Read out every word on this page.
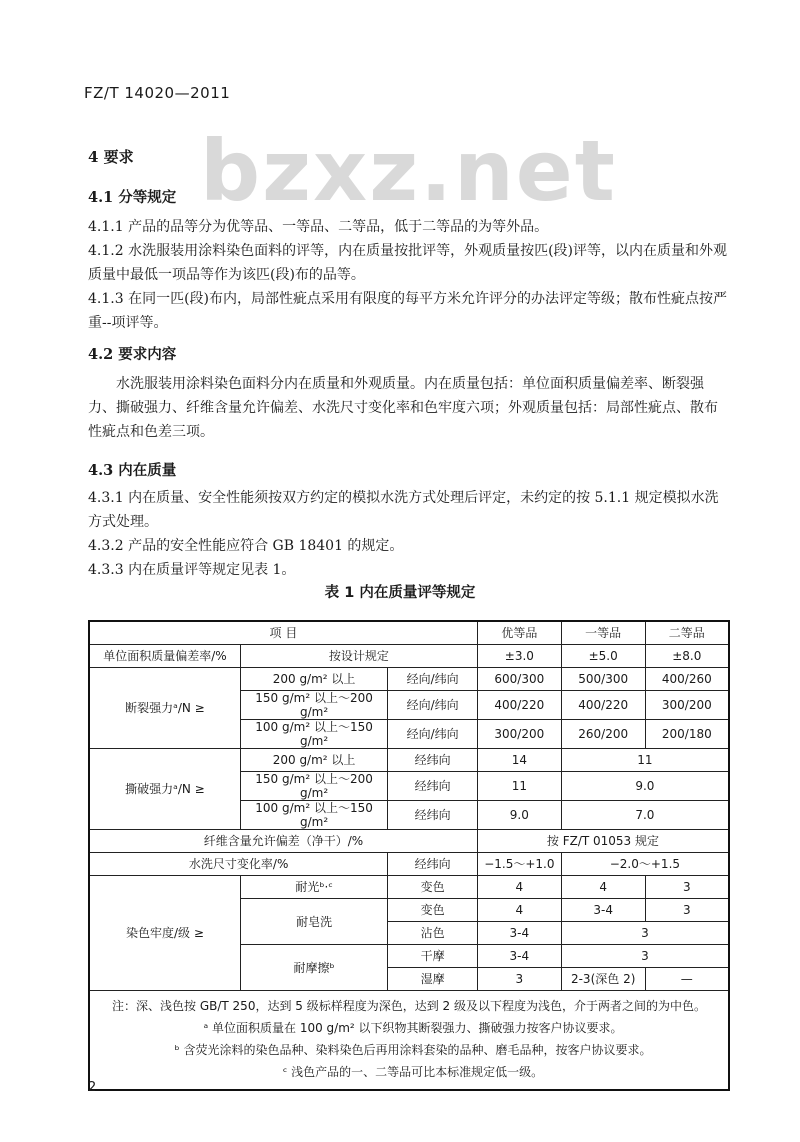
FZ/T 14020—2011
bzxz.net
4 要求
4.1 分等规定
4.1.1 产品的品等分为优等品、一等品、二等品，低于二等品的为等外品。
4.1.2 水洗服装用涂料染色面料的评等，内在质量按批评等，外观质量按匹(段)评等，以内在质量和外观质量中最低一项品等作为该匹(段)布的品等。
4.1.3 在同一匹(段)布内，局部性疵点采用有限度的每平方米允许评分的办法评定等级；散布性疵点按严重--项评等。
4.2 要求内容
水洗服装用涂料染色面料分内在质量和外观质量。内在质量包括：单位面积质量偏差率、断裂强力、撕破强力、纤维含量允许偏差、水洗尺寸变化率和色牢度六项；外观质量包括：局部性疵点、散布性疵点和色差三项。
4.3 内在质量
4.3.1 内在质量、安全性能须按双方约定的模拟水洗方式处理后评定，未约定的按 5.1.1 规定模拟水洗方式处理。
4.3.2 产品的安全性能应符合 GB 18401 的规定。
4.3.3 内在质量评等规定见表 1。
表 1 内在质量评等规定
项 目			优等品	一等品	二等品
单位面积质量偏差率/%	按设计规定		±3.0	±5.0	±8.0
断裂强力ᵃ/N ≥	200 g/m² 以上	经向/纬向	600/300	500/300	400/260
	150 g/m² 以上～200 g/m²	经向/纬向	400/220	400/220	300/200
	100 g/m² 以上～150 g/m²	经向/纬向	300/200	260/200	200/180
撕破强力ᵃ/N ≥	200 g/m² 以上	经纬向	14	11	
	150 g/m² 以上～200 g/m²	经纬向	11	9.0	
	100 g/m² 以上～150 g/m²	经纬向	9.0	7.0	
纤维含量允许偏差（净干）/%			按 FZ/T 01053 规定		
水洗尺寸变化率/%		经纬向	−1.5～+1.0	−2.0～+1.5	
染色牢度/级 ≥	耐光ᵇ·ᶜ	变色	4	4	3
	耐皂洗	变色	4	3-4	3
		沾色	3-4	3	
	耐摩擦ᵇ	干摩	3-4	3	
		湿摩	3	2-3(深色 2)	—

注：深、浅色按 GB/T 250，达到 5 级标样程度为深色，达到 2 级及以下程度为浅色，介于两者之间的为中色。
ᵃ 单位面积质量在 100 g/m² 以下织物其断裂强力、撕破强力按客户协议要求。
ᵇ 含荧光涂料的染色品种、染料染色后再用涂料套染的品种、磨毛品种，按客户协议要求。
ᶜ 浅色产品的一、二等品可比本标准规定低一级。					
2
